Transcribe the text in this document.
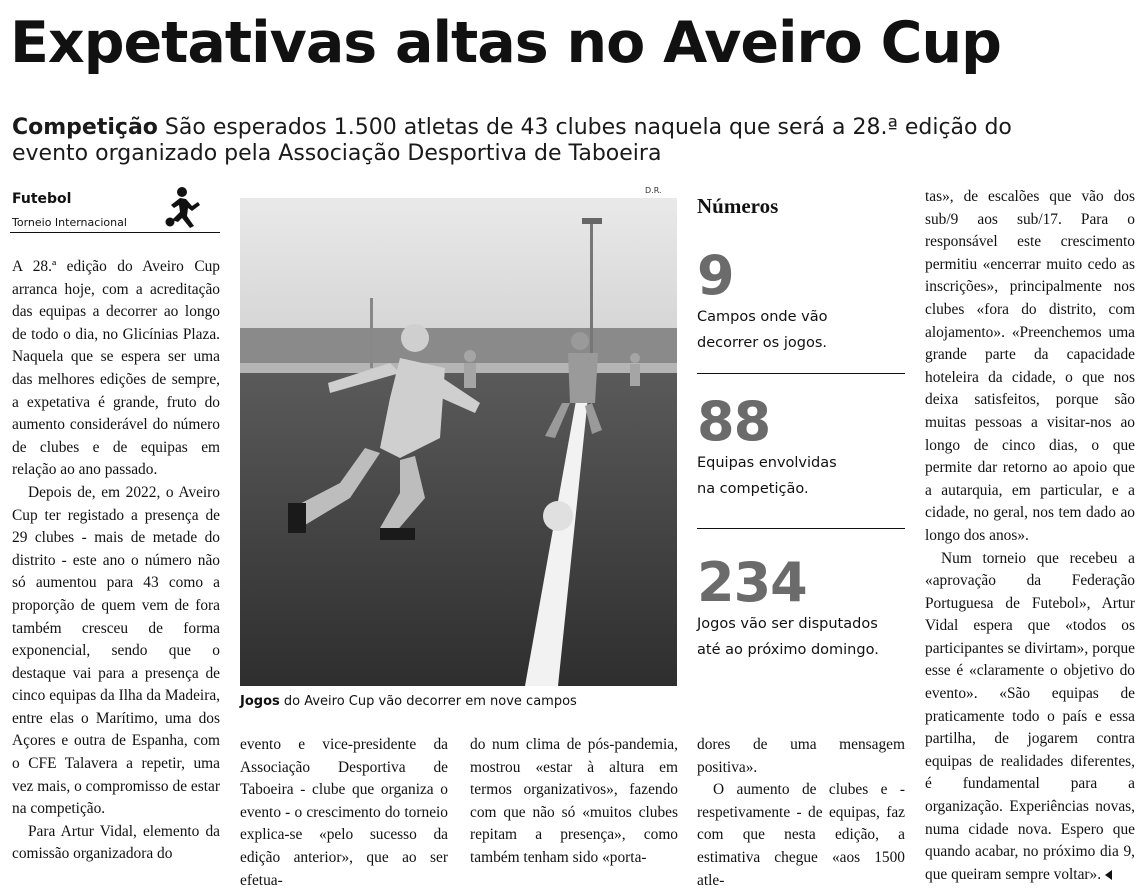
Expetativas altas no Aveiro Cup
Competição São esperados 1.500 atletas de 43 clubes naquela que será a 28.ª edição do evento organizado pela Associação Desportiva de Taboeira
Futebol
Torneio Internacional

A 28.ª edição do Aveiro Cup arranca hoje, com a acreditação das equipas a decorrer ao longo de todo o dia, no Glicínias Plaza. Naquela que se espera ser uma das melhores edições de sempre, a expetativa é grande, fruto do aumento considerável do número de clubes e de equipas em relação ao ano passado.

Depois de, em 2022, o Aveiro Cup ter registado a presença de 29 clubes - mais de metade do distrito - este ano o número não só aumentou para 43 como a proporção de quem vem de fora também cresceu de forma exponencial, sendo que o destaque vai para a presença de cinco equipas da Ilha da Madeira, entre elas o Marítimo, uma dos Açores e outra de Espanha, com o CFE Talavera a repetir, uma vez mais, o compromisso de estar na competição.

Para Artur Vidal, elemento da comissão organizadora do

D.R.
Jogos do Aveiro Cup vão decorrer em nove campos

evento e vice-presidente da Associação Desportiva de Taboeira - clube que organiza o evento - o crescimento do torneio explica-se «pelo sucesso da edição anterior», que ao ser efetua-

do num clima de pós-pandemia, mostrou «estar à altura em termos organizativos», fazendo com que não só «muitos clubes repitam a presença», como também tenham sido «porta-

dores de uma mensagem positiva».

O aumento de clubes e - respetivamente - de equipas, faz com que nesta edição, a estimativa chegue «aos 1500 atle-

Números
9
Campos onde vão
decorrer os jogos.
88
Equipas envolvidas
na competição.
234
Jogos vão ser disputados
até ao próximo domingo.

tas», de escalões que vão dos sub/9 aos sub/17. Para o responsável este crescimento permitiu «encerrar muito cedo as inscrições», principalmente nos clubes «fora do distrito, com alojamento». «Preenchemos uma grande parte da capacidade hoteleira da cidade, o que nos deixa satisfeitos, porque são muitas pessoas a visitar-nos ao longo de cinco dias, o que permite dar retorno ao apoio que a autarquia, em particular, e a cidade, no geral, nos tem dado ao longo dos anos».

Num torneio que recebeu a «aprovação da Federação Portuguesa de Futebol», Artur Vidal espera que «todos os participantes se divirtam», porque esse é «claramente o objetivo do evento». «São equipas de praticamente todo o país e essa partilha, de jogarem contra equipas de realidades diferentes, é fundamental para a organização. Experiências novas, numa cidade nova. Espero que quando acabar, no próximo dia 9, que queiram sempre voltar».
